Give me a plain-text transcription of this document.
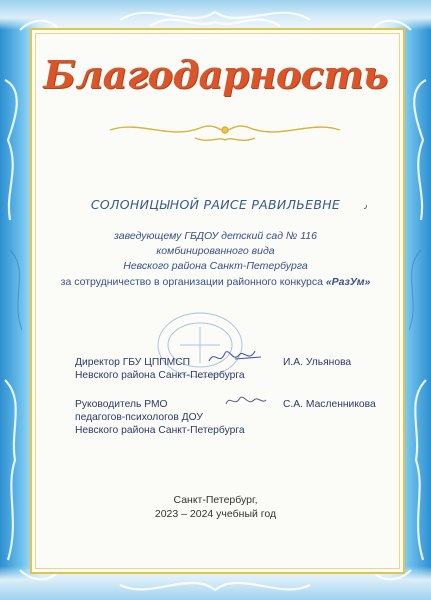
Благодарность
СОЛОНИЦЫНОЙ РАИСЕ РАВИЛЬЕВНЕ	٫
заведующему ГБДОУ детский сад № 116
комбинированного вида
Невского района Санкт-Петербурга
за сотрудничество в организации районного конкурса «РазУм»
Директор ГБУ ЦППМСП
Невского района Санкт-Петербурга
И.А. Ульянова
Руководитель РМО
педагогов-психологов ДОУ
Невского района Санкт-Петербурга
С.А. Масленникова
Санкт-Петербург,
2023 – 2024 учебный год
